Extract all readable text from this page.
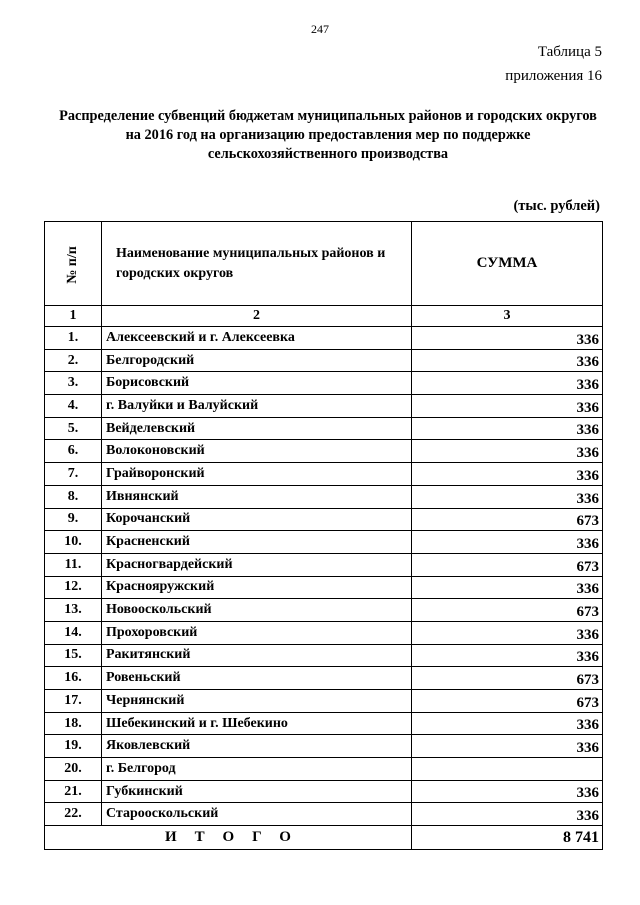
247
Таблица 5
приложения 16
Распределение субвенций бюджетам муниципальных районов и городских округов на 2016 год на организацию предоставления мер по поддержке сельскохозяйственного производства
(тыс. рублей)
№ п/п	Наименование муниципальных районов и городских округов	СУММА
1	2	3
1.	Алексеевский и г. Алексеевка	336
2.	Белгородский	336
3.	Борисовский	336
4.	г. Валуйки и Валуйский	336
5.	Вейделевский	336
6.	Волоконовский	336
7.	Грайворонский	336
8.	Ивнянский	336
9.	Корочанский	673
10.	Красненский	336
11.	Красногвардейский	673
12.	Краснояружский	336
13.	Новооскольский	673
14.	Прохоровский	336
15.	Ракитянский	336
16.	Ровеньский	673
17.	Чернянский	673
18.	Шебекинский и г. Шебекино	336
19.	Яковлевский	336
20.	г. Белгород	
21.	Губкинский	336
22.	Старооскольский	336
ИТОГО		8 741
